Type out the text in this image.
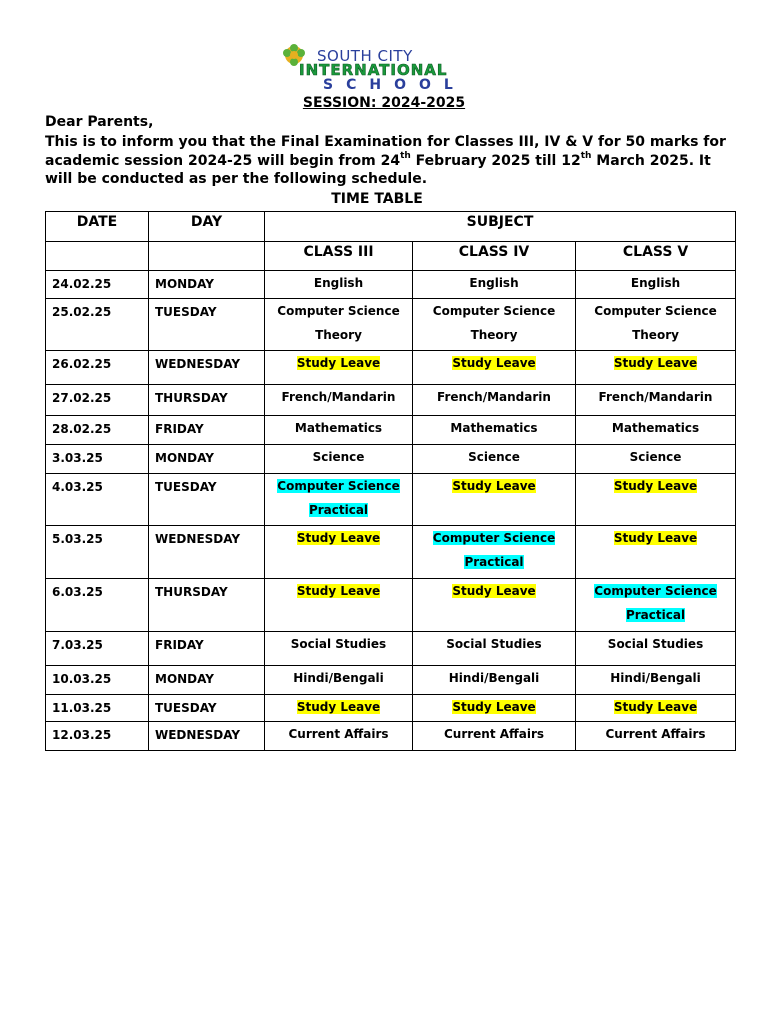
SOUTH CITY
INTERNATIONAL
SCHOOL
SESSION: 2024-2025
Dear Parents,
This is to inform you that the Final Examination for Classes III, IV & V for 50 marks for academic session 2024-25 will begin from 24th February 2025 till 12th March 2025. It will be conducted as per the following schedule.
TIME TABLE
DATE	DAY	SUBJECT		
		CLASS III	CLASS IV	CLASS V
24.02.25	MONDAY	English	English	English
25.02.25	TUESDAY	Computer Science Theory	Computer Science Theory	Computer Science Theory
26.02.25	WEDNESDAY	Study Leave	Study Leave	Study Leave
27.02.25	THURSDAY	French/Mandarin	French/Mandarin	French/Mandarin
28.02.25	FRIDAY	Mathematics	Mathematics	Mathematics
3.03.25	MONDAY	Science	Science	Science
4.03.25	TUESDAY	Computer Science Practical	Study Leave	Study Leave
5.03.25	WEDNESDAY	Study Leave	Computer Science Practical	Study Leave
6.03.25	THURSDAY	Study Leave	Study Leave	Computer Science Practical
7.03.25	FRIDAY	Social Studies	Social Studies	Social Studies
10.03.25	MONDAY	Hindi/Bengali	Hindi/Bengali	Hindi/Bengali
11.03.25	TUESDAY	Study Leave	Study Leave	Study Leave
12.03.25	WEDNESDAY	Current Affairs	Current Affairs	Current Affairs
